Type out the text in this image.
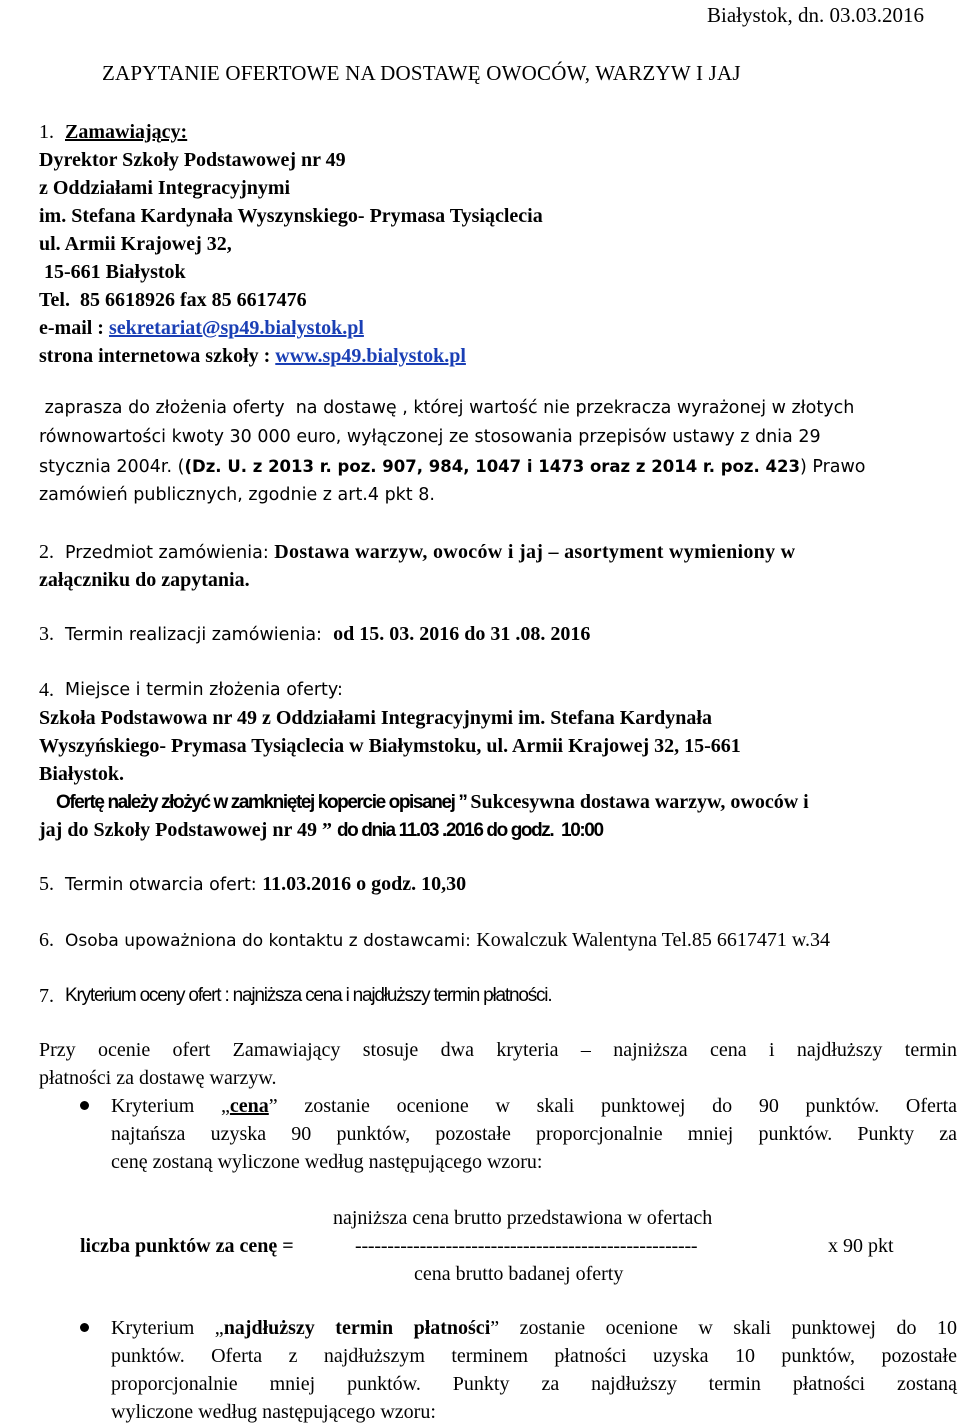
Białystok, dn. 03.03.2016
ZAPYTANIE OFERTOWE NA DOSTAWĘ OWOCÓW, WARZYW I JAJ
1. Zamawiający:
Dyrektor Szkoły Podstawowej nr 49
z Oddziałami Integracyjnymi
im. Stefana Kardynała Wyszynskiego- Prymasa Tysiąclecia
ul. Armii Krajowej 32,
15-661 Białystok
Tel.  85 6618926 fax 85 6617476
e-mail : sekretariat@sp49.bialystok.pl
strona internetowa szkoły : www.sp49.bialystok.pl
zaprasza do złożenia oferty  na dostawę , której wartość nie przekracza wyrażonej w złotych
równowartości kwoty 30 000 euro, wyłączonej ze stosowania przepisów ustawy z dnia 29
stycznia 2004r. ((Dz. U. z 2013 r. poz. 907, 984, 1047 i 1473 oraz z 2014 r. poz. 423) Prawo
zamówień publicznych, zgodnie z art.4 pkt 8.
2. Przedmiot zamówienia: Dostawa warzyw, owoców i jaj – asortyment wymieniony w
załączniku do zapytania.
3. Termin realizacji zamówienia:  od 15. 03. 2016 do 31 .08. 2016
4. Miejsce i termin złożenia oferty:
Szkoła Podstawowa nr 49 z Oddziałami Integracyjnymi im. Stefana Kardynała
Wyszyńskiego- Prymasa Tysiąclecia w Białymstoku, ul. Armii Krajowej 32, 15-661
Białystok.
Ofertę należy złożyć w zamkniętej kopercie opisanej ” Sukcesywna dostawa warzyw, owoców i
jaj do Szkoły Podstawowej nr 49 ” do dnia 11.03 .2016 do godz.  10:00
5. Termin otwarcia ofert: 11.03.2016 o godz. 10,30
6. Osoba upoważniona do kontaktu z dostawcami: Kowalczuk Walentyna Tel.85 6617471 w.34
7. Kryterium oceny ofert : najniższa cena i najdłuższy termin płatności.
Przy ocenie ofert Zamawiający stosuje dwa kryteria – najniższa cena i najdłuższy termin
płatności za dostawę warzyw.
Kryterium „cena” zostanie ocenione w skali punktowej do 90 punktów. Oferta
najtańsza uzyska 90 punktów, pozostałe proporcjonalnie mniej punktów. Punkty za
cenę zostaną wyliczone według następującego wzoru:
najniższa cena brutto przedstawiona w ofertach
liczba punktów za cenę =	-----------------------------------------------------	x 90 pkt
cena brutto badanej oferty
Kryterium „najdłuższy termin płatności” zostanie ocenione w skali punktowej do 10
punktów. Oferta z najdłuższym terminem płatności uzyska 10 punktów, pozostałe
proporcjonalnie mniej punktów. Punkty za najdłuższy termin płatności zostaną
wyliczone według następującego wzoru:
